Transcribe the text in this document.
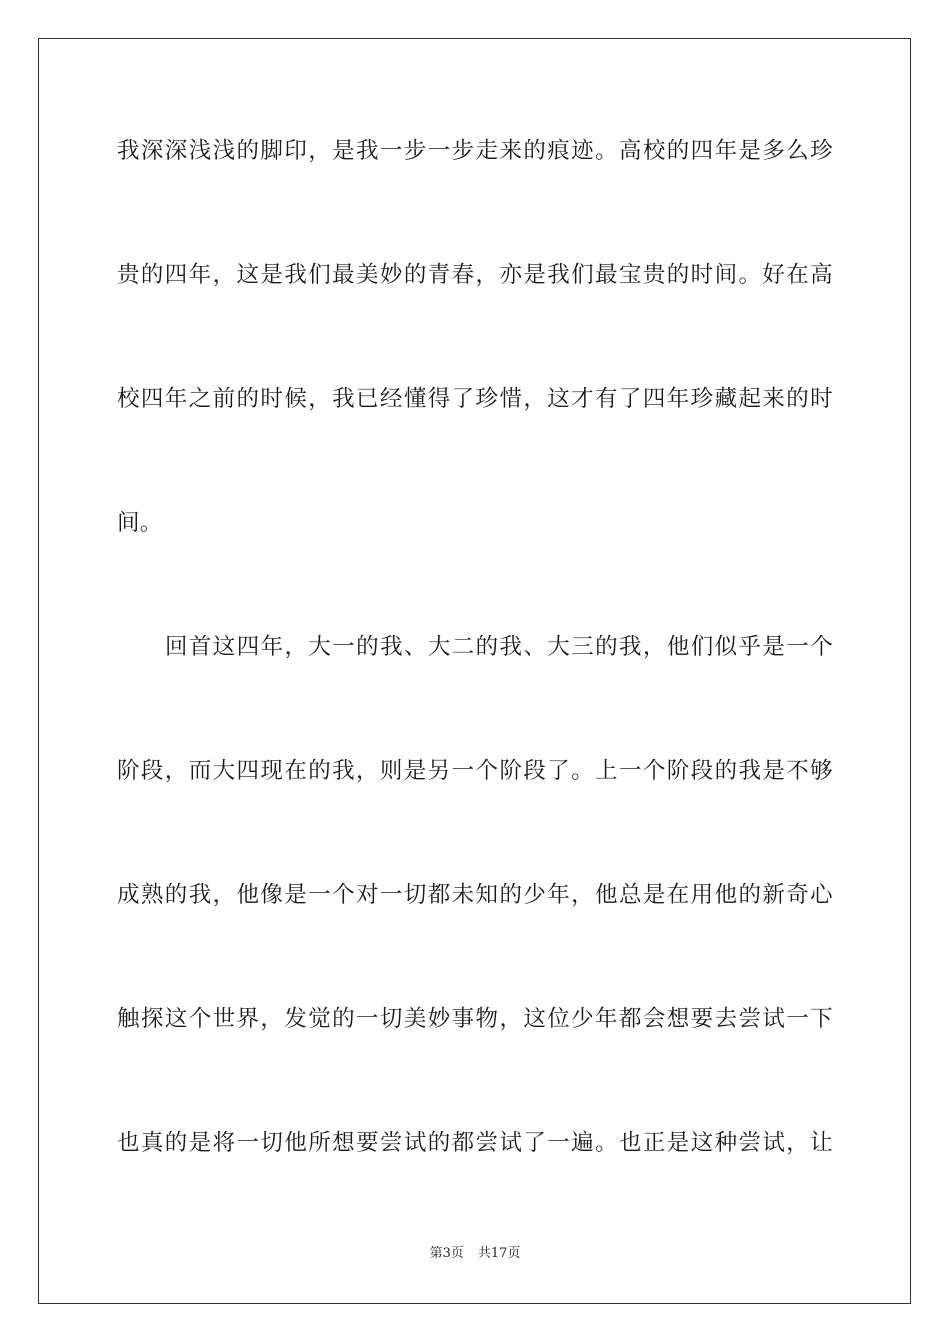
我深深浅浅的脚印，是我一步一步走来的痕迹。高校的四年是多么珍
贵的四年，这是我们最美妙的青春，亦是我们最宝贵的时间。好在高
校四年之前的时候，我已经懂得了珍惜，这才有了四年珍藏起来的时
间。
回首这四年，大一的我、大二的我、大三的我，他们似乎是一个
阶段，而大四现在的我，则是另一个阶段了。上一个阶段的我是不够
成熟的我，他像是一个对一切都未知的少年，他总是在用他的新奇心
触探这个世界，发觉的一切美妙事物，这位少年都会想要去尝试一下
也真的是将一切他所想要尝试的都尝试了一遍。也正是这种尝试，让
第3页 共17页
